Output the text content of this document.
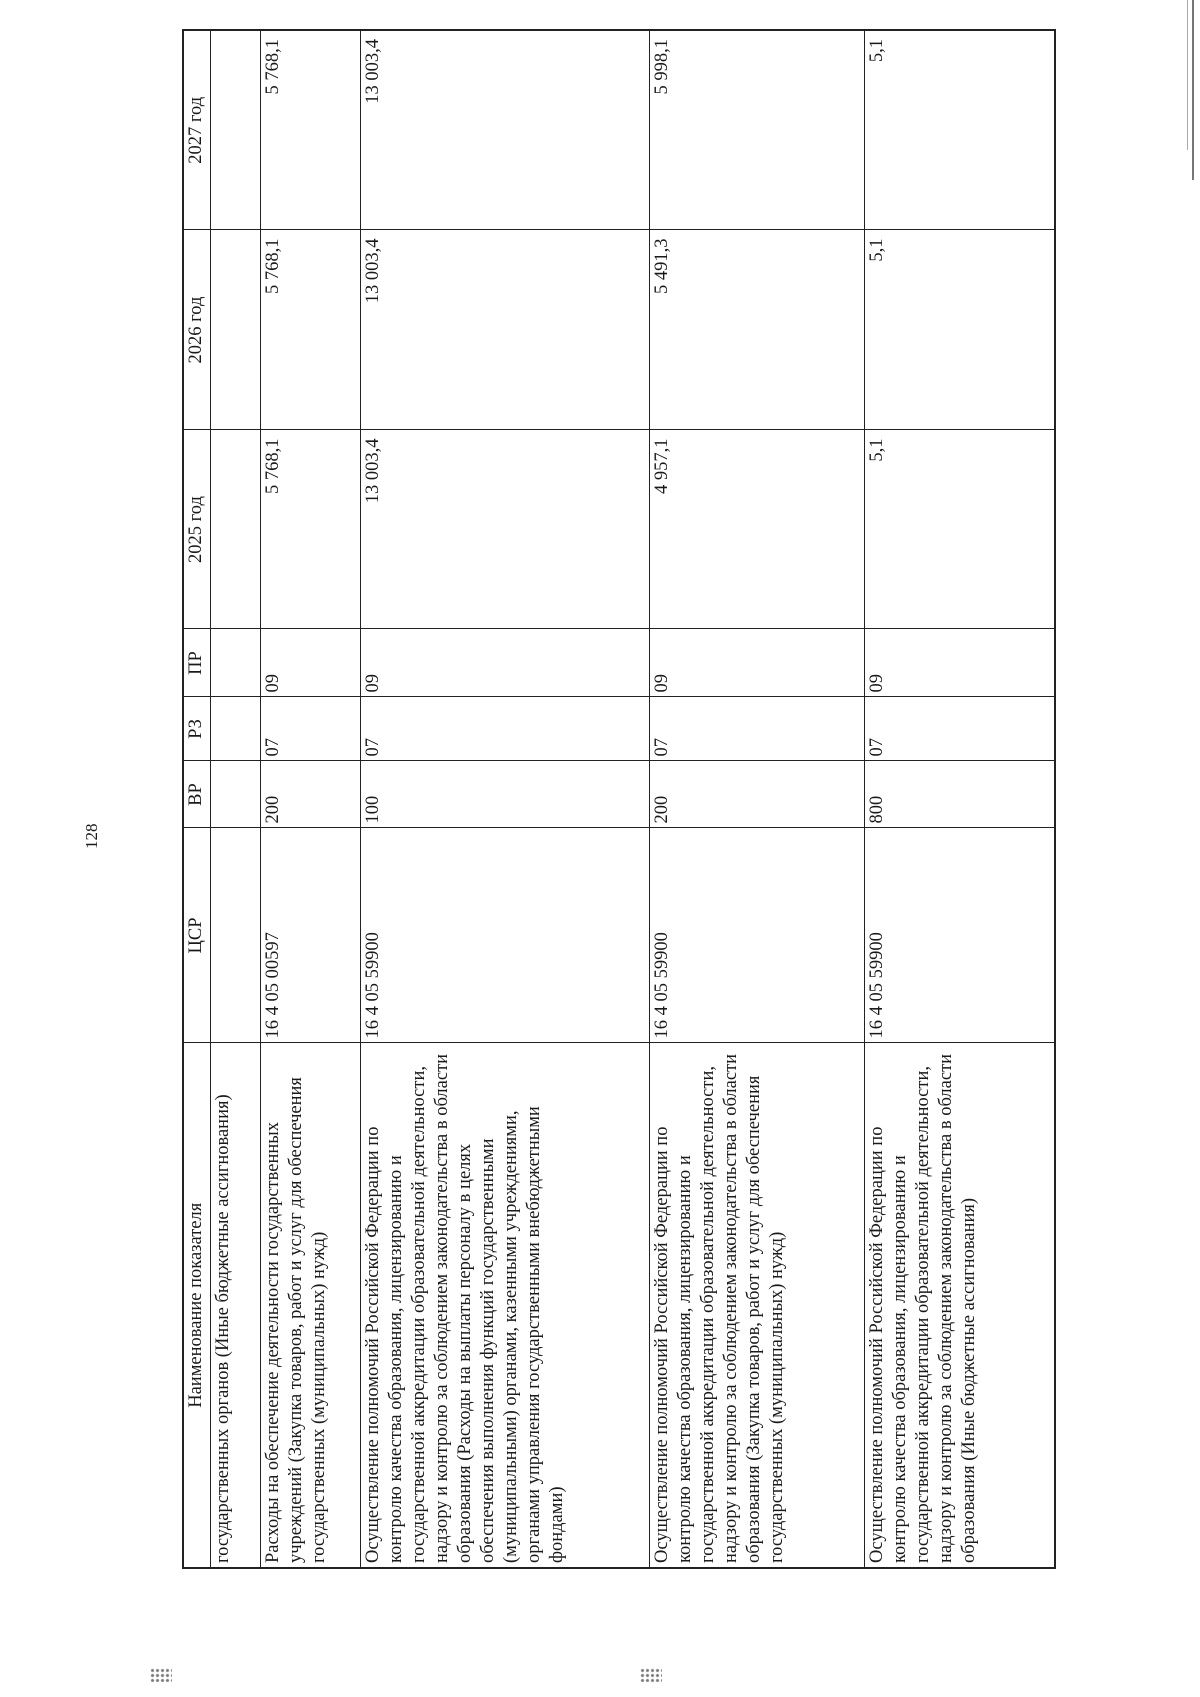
128
Наименование показателя	ЦСР	ВР	РЗ	ПР	2025 год	2026 год	2027 год
государственных органов (Иные бюджетные ассигнования)							
Расходы на обеспечение деятельности государственных учреждений (Закупка товаров, работ и услуг для обеспечения государственных (муниципальных) нужд)	16 4 05 00597	200	07	09	5 768,1	5 768,1	5 768,1
Осуществление полномочий Российской Федерации по контролю качества образования, лицензированию и государственной аккредитации образовательной деятельности, надзору и контролю за соблюдением законодательства в области образования (Расходы на выплаты персоналу в целях обеспечения выполнения функций государственными (муниципальными) органами, казенными учреждениями, органами управления государственными внебюджетными фондами)	16 4 05 59900	100	07	09	13 003,4	13 003,4	13 003,4
Осуществление полномочий Российской Федерации по контролю качества образования, лицензированию и государственной аккредитации образовательной деятельности, надзору и контролю за соблюдением законодательства в области образования (Закупка товаров, работ и услуг для обеспечения государственных (муниципальных) нужд)	16 4 05 59900	200	07	09	4 957,1	5 491,3	5 998,1
Осуществление полномочий Российской Федерации по контролю качества образования, лицензированию и государственной аккредитации образовательной деятельности, надзору и контролю за соблюдением законодательства в области образования (Иные бюджетные ассигнования)	16 4 05 59900	800	07	09	5,1	5,1	5,1
